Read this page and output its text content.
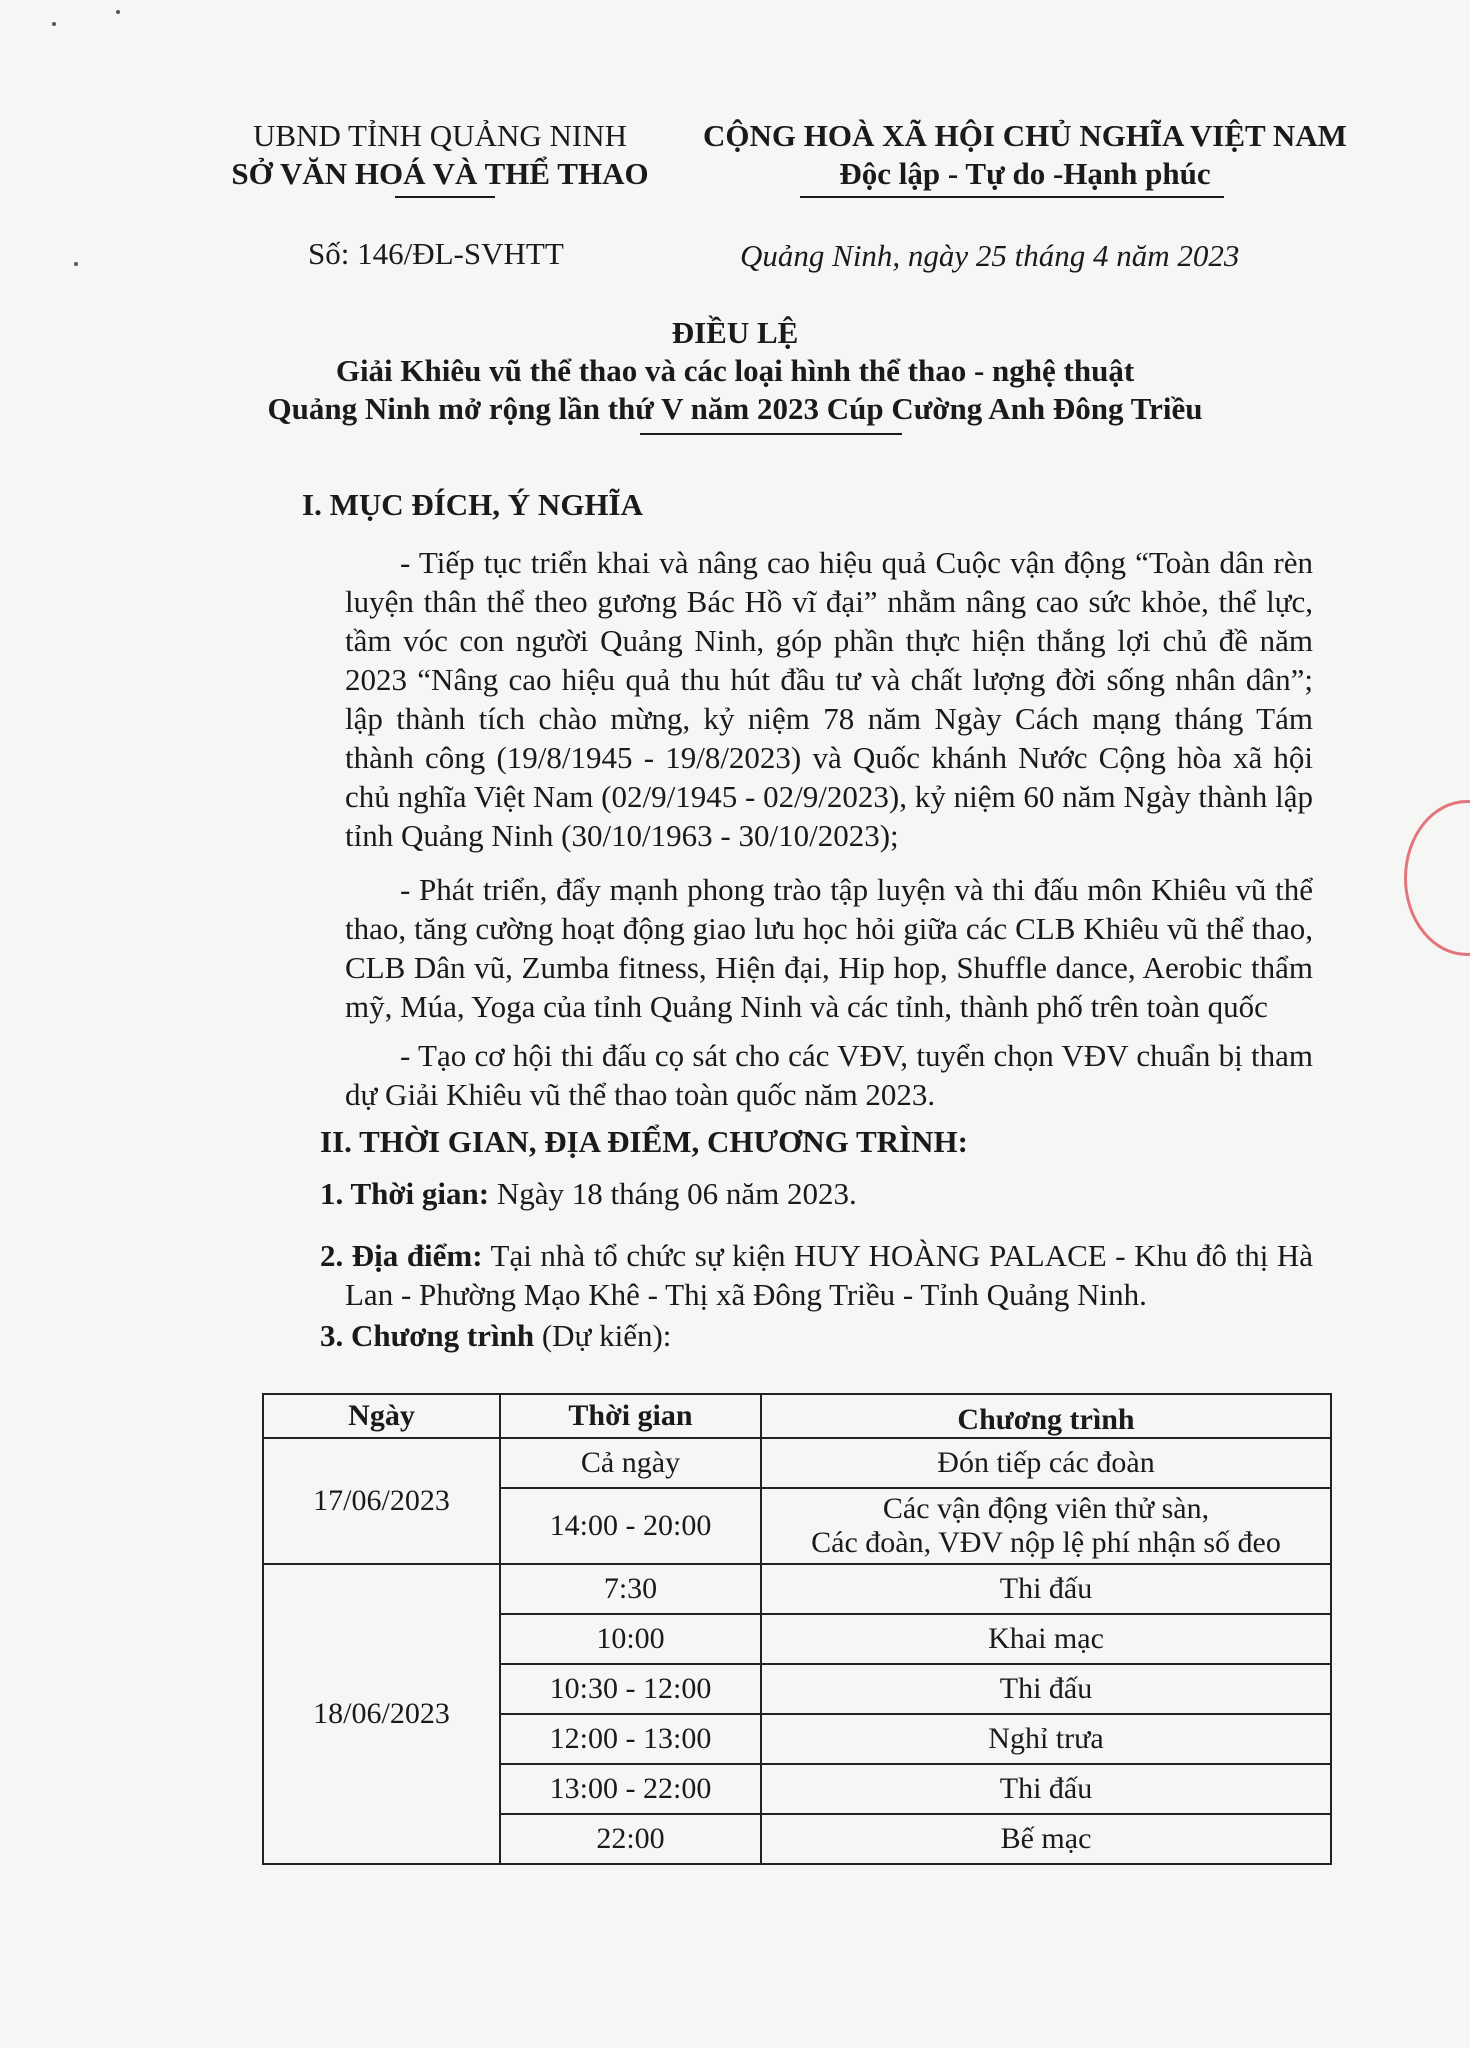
UBND TỈNH QUẢNG NINH
SỞ VĂN HOÁ VÀ THỂ THAO
CỘNG HOÀ XÃ HỘI CHỦ NGHĨA VIỆT NAM
Độc lập - Tự do -Hạnh phúc
Số: 146/ĐL-SVHTT	Quảng Ninh, ngày 25 tháng 4 năm 2023
ĐIỀU LỆ
Giải Khiêu vũ thể thao và các loại hình thể thao - nghệ thuật
Quảng Ninh mở rộng lần thứ V năm 2023 Cúp Cường Anh Đông Triều
I. MỤC ĐÍCH, Ý NGHĨA

- Tiếp tục triển khai và nâng cao hiệu quả Cuộc vận động “Toàn dân rèn luyện thân thể theo gương Bác Hồ vĩ đại” nhằm nâng cao sức khỏe, thể lực, tầm vóc con người Quảng Ninh, góp phần thực hiện thắng lợi chủ đề năm 2023 “Nâng cao hiệu quả thu hút đầu tư và chất lượng đời sống nhân dân”; lập thành tích chào mừng, kỷ niệm 78 năm Ngày Cách mạng tháng Tám thành công (19/8/1945 - 19/8/2023) và Quốc khánh Nước Cộng hòa xã hội chủ nghĩa Việt Nam (02/9/1945 - 02/9/2023), kỷ niệm 60 năm Ngày thành lập tỉnh Quảng Ninh (30/10/1963 - 30/10/2023);

- Phát triển, đẩy mạnh phong trào tập luyện và thi đấu môn Khiêu vũ thể thao, tăng cường hoạt động giao lưu học hỏi giữa các CLB Khiêu vũ thể thao, CLB Dân vũ, Zumba fitness, Hiện đại, Hip hop, Shuffle dance, Aerobic thẩm mỹ, Múa, Yoga của tỉnh Quảng Ninh và các tỉnh, thành phố trên toàn quốc

- Tạo cơ hội thi đấu cọ sát cho các VĐV, tuyển chọn VĐV chuẩn bị tham dự Giải Khiêu vũ thể thao toàn quốc năm 2023.

II. THỜI GIAN, ĐỊA ĐIỂM, CHƯƠNG TRÌNH:
1. Thời gian: Ngày 18 tháng 06 năm 2023.

2. Địa điểm: Tại nhà tổ chức sự kiện HUY HOÀNG PALACE - Khu đô thị Hà Lan - Phường Mạo Khê - Thị xã Đông Triều - Tỉnh Quảng Ninh.

3. Chương trình (Dự kiến):
Ngày	Thời gian	Chương trình
17/06/2023	Cả ngày	Đón tiếp các đoàn
	14:00 - 20:00	Các vận động viên thử sàn,
Các đoàn, VĐV nộp lệ phí nhận số đeo

18/06/2023	7:30	Thi đấu
	10:00	Khai mạc
	10:30 - 12:00	Thi đấu
	12:00 - 13:00	Nghỉ trưa
	13:00 - 22:00	Thi đấu
	22:00	Bế mạc
